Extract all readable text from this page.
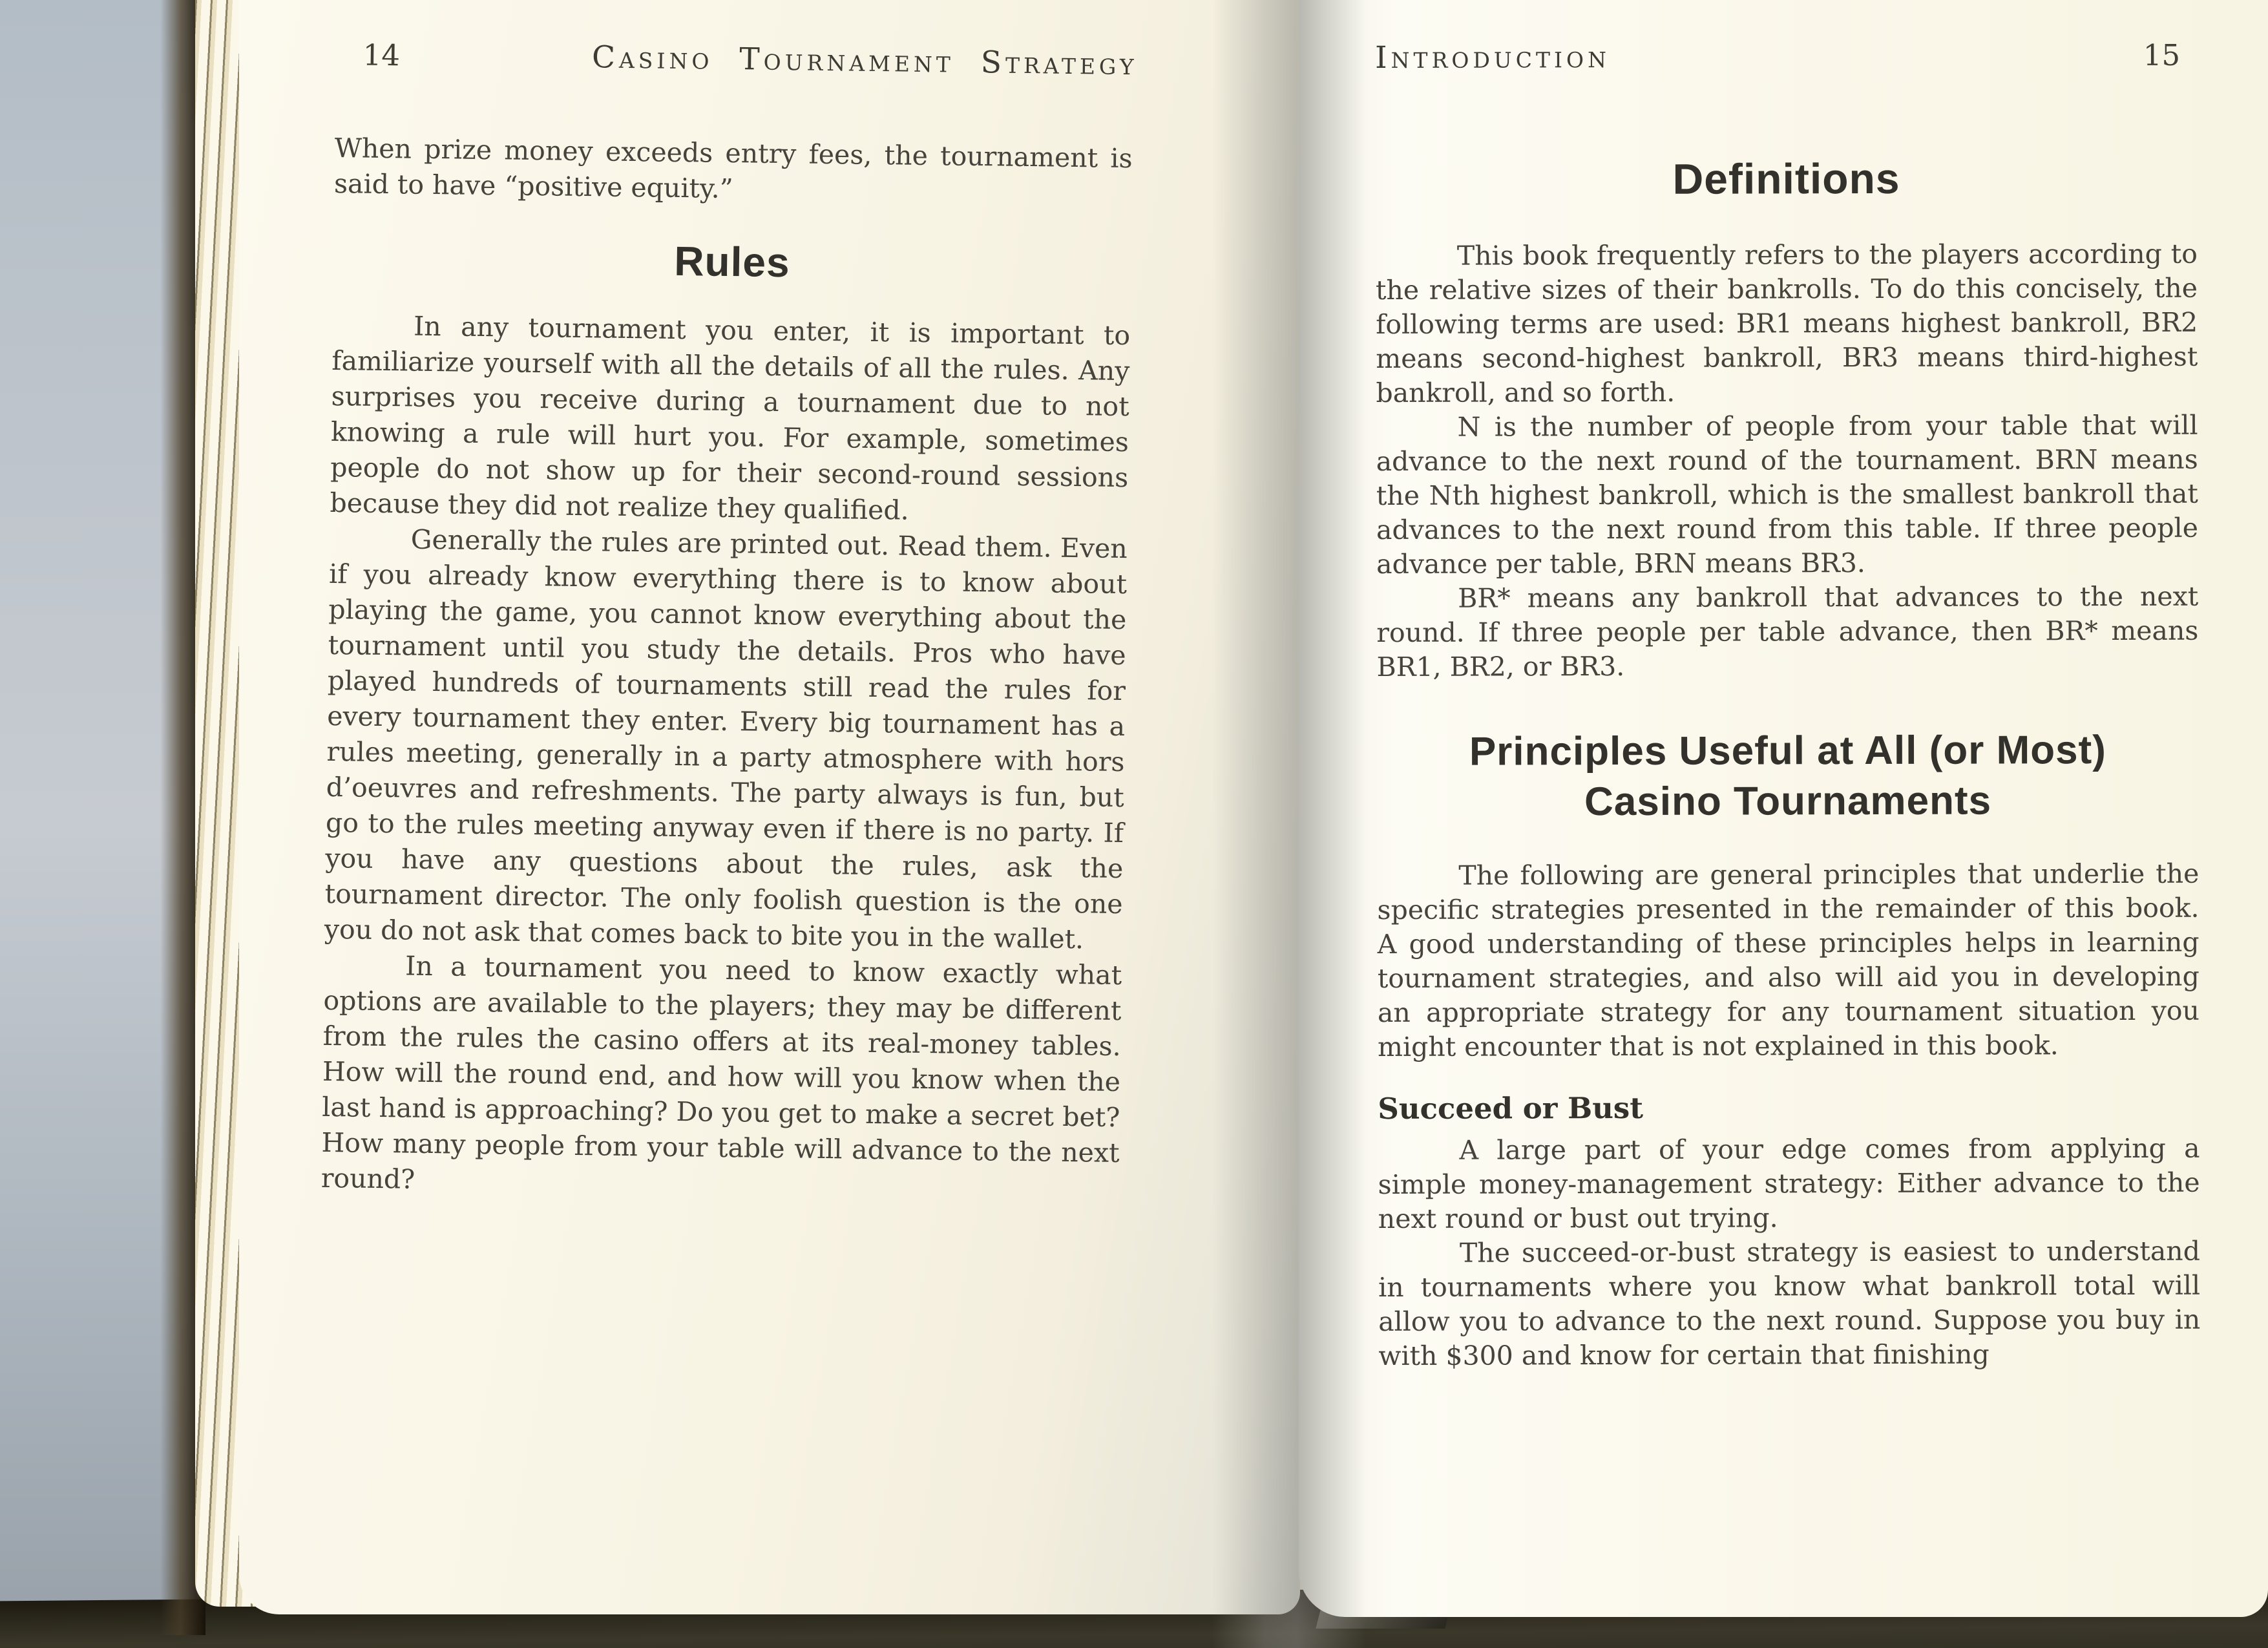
14	Casino Tournament Strategy

When prize money exceeds entry fees, the tournament is said to have “positive equity.”

Rules

In any tournament you enter, it is important to familiarize yourself with all the details of all the rules. Any surprises you receive during a tournament due to not knowing a rule will hurt you. For example, sometimes people do not show up for their second-round sessions because they did not realize they qualified.

Generally the rules are printed out. Read them. Even if you already know everything there is to know about playing the game, you cannot know everything about the tournament until you study the details. Pros who have played hundreds of tournaments still read the rules for every tournament they enter. Every big tournament has a rules meeting, generally in a party atmosphere with hors d’oeuvres and refreshments. The party always is fun, but go to the rules meeting anyway even if there is no party. If you have any questions about the rules, ask the tournament director. The only foolish question is the one you do not ask that comes back to bite you in the wallet.

In a tournament you need to know exactly what options are available to the players; they may be different from the rules the casino offers at its real-money tables. How will the round end, and how will you know when the last hand is approaching? Do you get to make a secret bet? How many people from your table will advance to the next round?

Introduction	15
Definitions

This book frequently refers to the players according to the relative sizes of their bankrolls. To do this concisely, the following terms are used: BR1 means highest bankroll, BR2 means second-highest bankroll, BR3 means third-highest bankroll, and so forth.

N is the number of people from your table that will advance to the next round of the tournament. BRN means the Nth highest bankroll, which is the smallest bankroll that advances to the next round from this table. If three people advance per table, BRN means BR3.

BR* means any bankroll that advances to the next round. If three people per table advance, then BR* means BR1, BR2, or BR3.

Principles Useful at All (or Most) Casino Tournaments

The following are general principles that underlie the specific strategies presented in the remainder of this book. A good understanding of these principles helps in learning tournament strategies, and also will aid you in developing an appropriate strategy for any tournament situation you might encounter that is not explained in this book.

Succeed or Bust

A large part of your edge comes from applying a simple money-management strategy: Either advance to the next round or bust out trying.

The succeed-or-bust strategy is easiest to understand in tournaments where you know what bankroll total will allow you to advance to the next round. Suppose you buy in with $300 and know for certain that finishing
